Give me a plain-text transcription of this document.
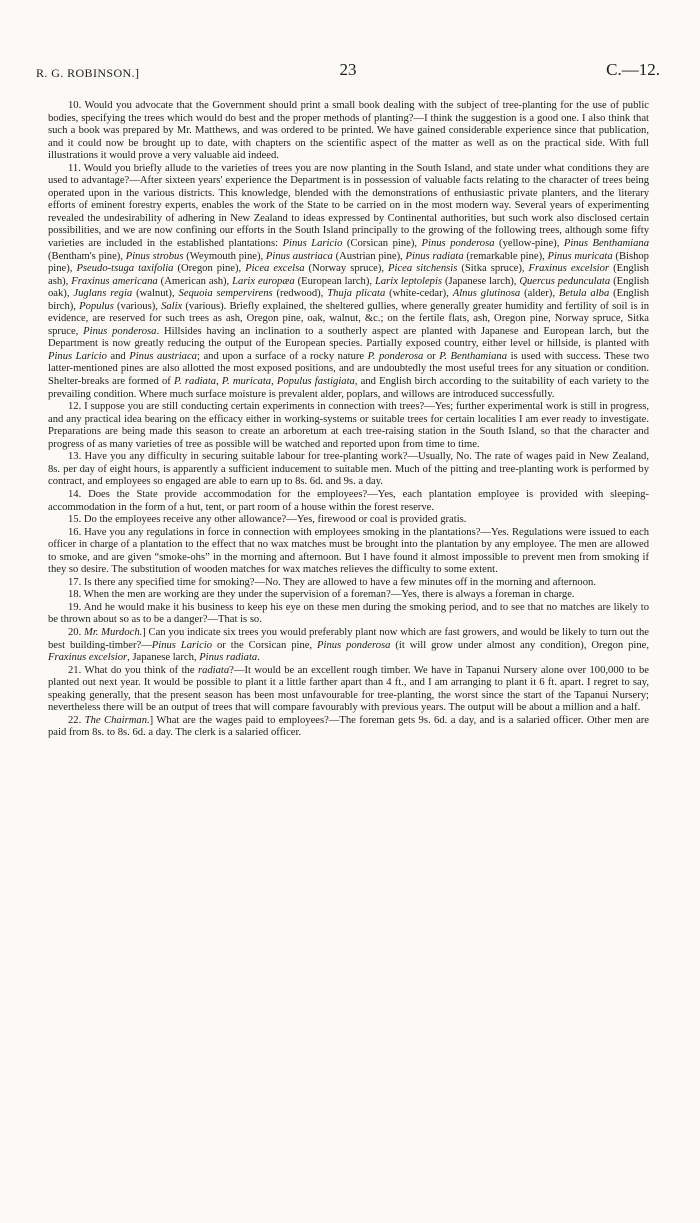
R. G. ROBINSON.]	23	C.—12.

10. Would you advocate that the Government should print a small book dealing with the subject of tree-planting for the use of public bodies, specifying the trees which would do best and the proper methods of planting?—I think the suggestion is a good one. I also think that such a book was prepared by Mr. Matthews, and was ordered to be printed. We have gained considerable experience since that publication, and it could now be brought up to date, with chapters on the scientific aspect of the matter as well as on the practical side. With full illustrations it would prove a very valuable aid indeed.

11. Would you briefly allude to the varieties of trees you are now planting in the South Island, and state under what conditions they are used to advantage?—After sixteen years' experience the Department is in possession of valuable facts relating to the character of trees being operated upon in the various districts. This knowledge, blended with the demonstrations of enthusiastic private planters, and the literary efforts of eminent forestry experts, enables the work of the State to be carried on in the most modern way. Several years of experimenting revealed the undesirability of adhering in New Zealand to ideas expressed by Continental authorities, but such work also disclosed certain possibilities, and we are now confining our efforts in the South Island principally to the growing of the following trees, although some fifty varieties are included in the established plantations: Pinus Laricio (Corsican pine), Pinus ponderosa (yellow-pine), Pinus Benthamiana (Bentham's pine), Pinus strobus (Weymouth pine), Pinus austriaca (Austrian pine), Pinus radiata (remarkable pine), Pinus muricata (Bishop pine), Pseudo-tsuga taxifolia (Oregon pine), Picea excelsa (Norway spruce), Picea sitchensis (Sitka spruce), Fraxinus excelsior (English ash), Fraxinus americana (American ash), Larix europæa (European larch), Larix leptolepis (Japanese larch), Quercus pedunculata (English oak), Juglans regia (walnut), Sequoia sempervirens (redwood), Thuja plicata (white-cedar), Alnus glutinosa (alder), Betula alba (English birch), Populus (various), Salix (various). Briefly explained, the sheltered gullies, where generally greater humidity and fertility of soil is in evidence, are reserved for such trees as ash, Oregon pine, oak, walnut, &c.; on the fertile flats, ash, Oregon pine, Norway spruce, Sitka spruce, Pinus ponderosa. Hillsides having an inclination to a southerly aspect are planted with Japanese and European larch, but the Department is now greatly reducing the output of the European species. Partially exposed country, either level or hillside, is planted with Pinus Laricio and Pinus austriaca; and upon a surface of a rocky nature P. ponderosa or P. Benthamiana is used with success. These two latter-mentioned pines are also allotted the most exposed positions, and are undoubtedly the most useful trees for any situation or condition. Shelter-breaks are formed of P. radiata, P. muricata, Populus fastigiata, and English birch according to the suitability of each variety to the prevailing condition. Where much surface moisture is prevalent alder, poplars, and willows are introduced successfully.

12. I suppose you are still conducting certain experiments in connection with trees?—Yes; further experimental work is still in progress, and any practical idea bearing on the efficacy either in working-systems or suitable trees for certain localities I am ever ready to investigate. Preparations are being made this season to create an arboretum at each tree-raising station in the South Island, so that the character and progress of as many varieties of tree as possible will be watched and reported upon from time to time.

13. Have you any difficulty in securing suitable labour for tree-planting work?—Usually, No. The rate of wages paid in New Zealand, 8s. per day of eight hours, is apparently a sufficient inducement to suitable men. Much of the pitting and tree-planting work is performed by contract, and employees so engaged are able to earn up to 8s. 6d. and 9s. a day.

14. Does the State provide accommodation for the employees?—Yes, each plantation employee is provided with sleeping-accommodation in the form of a hut, tent, or part room of a house within the forest reserve.

15. Do the employees receive any other allowance?—Yes, firewood or coal is provided gratis.

16. Have you any regulations in force in connection with employees smoking in the plantations?—Yes. Regulations were issued to each officer in charge of a plantation to the effect that no wax matches must be brought into the plantation by any employee. The men are allowed to smoke, and are given “smoke-ohs” in the morning and afternoon. But I have found it almost impossible to prevent men from smoking if they so desire. The substitution of wooden matches for wax matches relieves the difficulty to some extent.

17. Is there any specified time for smoking?—No. They are allowed to have a few minutes off in the morning and afternoon.

18. When the men are working are they under the supervision of a foreman?—Yes, there is always a foreman in charge.

19. And he would make it his business to keep his eye on these men during the smoking period, and to see that no matches are likely to be thrown about so as to be a danger?—That is so.

20. Mr. Murdoch.] Can you indicate six trees you would preferably plant now which are fast growers, and would be likely to turn out the best building-timber?—Pinus Laricio or the Corsican pine, Pinus ponderosa (it will grow under almost any condition), Oregon pine, Fraxinus excelsior, Japanese larch, Pinus radiata.

21. What do you think of the radiata?—It would be an excellent rough timber. We have in Tapanui Nursery alone over 100,000 to be planted out next year. It would be possible to plant it a little farther apart than 4 ft., and I am arranging to plant it 6 ft. apart. I regret to say, speaking generally, that the present season has been most unfavourable for tree-planting, the worst since the start of the Tapanui Nursery; nevertheless there will be an output of trees that will compare favourably with previous years. The output will be about a million and a half.

22. The Chairman.] What are the wages paid to employees?—The foreman gets 9s. 6d. a day, and is a salaried officer. Other men are paid from 8s. to 8s. 6d. a day. The clerk is a salaried officer.
